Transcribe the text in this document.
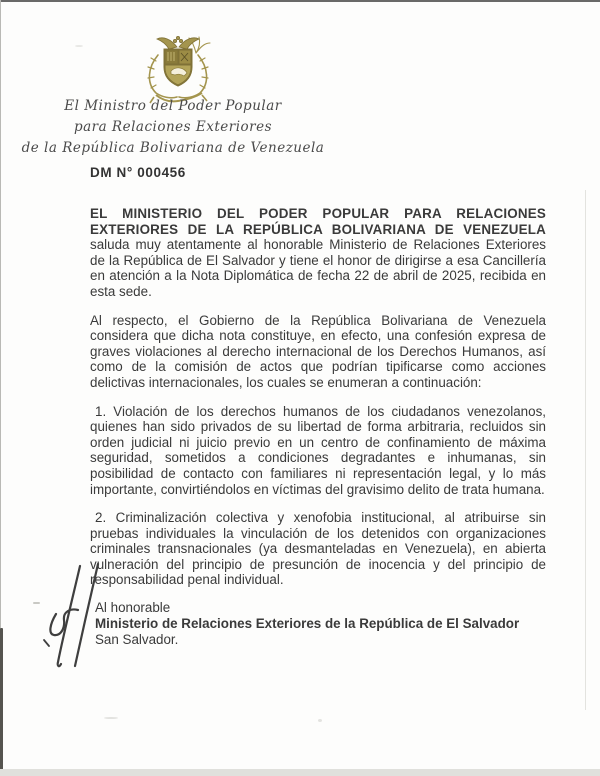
El Ministro del Poder Popular
para Relaciones Exteriores
de la República Bolivariana de Venezuela
DM N° 000456

EL MINISTERIO DEL PODER POPULAR PARA RELACIONES EXTERIORES DE LA REPÚBLICA BOLIVARIANA DE VENEZUELA saluda muy atentamente al honorable Ministerio de Relaciones Exteriores de la República de El Salvador y tiene el honor de dirigirse a esa Cancillería en atención a la Nota Diplomática de fecha 22 de abril de 2025, recibida en esta sede.

Al respecto, el Gobierno de la República Bolivariana de Venezuela considera que dicha nota constituye, en efecto, una confesión expresa de graves violaciones al derecho internacional de los Derechos Humanos, así como de la comisión de actos que podrían tipificarse como acciones delictivas internacionales, los cuales se enumeran a continuación:

1. Violación de los derechos humanos de los ciudadanos venezolanos, quienes han sido privados de su libertad de forma arbitraria, recluidos sin orden judicial ni juicio previo en un centro de confinamiento de máxima seguridad, sometidos a condiciones degradantes e inhumanas, sin posibilidad de contacto con familiares ni representación legal, y lo más importante, convirtiéndolos en víctimas del gravisimo delito de trata humana.

2. Criminalización colectiva y xenofobia institucional, al atribuirse sin pruebas individuales la vinculación de los detenidos con organizaciones criminales transnacionales (ya desmanteladas en Venezuela), en abierta vulneración del principio de presunción de inocencia y del principio de responsabilidad penal individual.

Al honorable
Ministerio de Relaciones Exteriores de la República de El Salvador
San Salvador.
